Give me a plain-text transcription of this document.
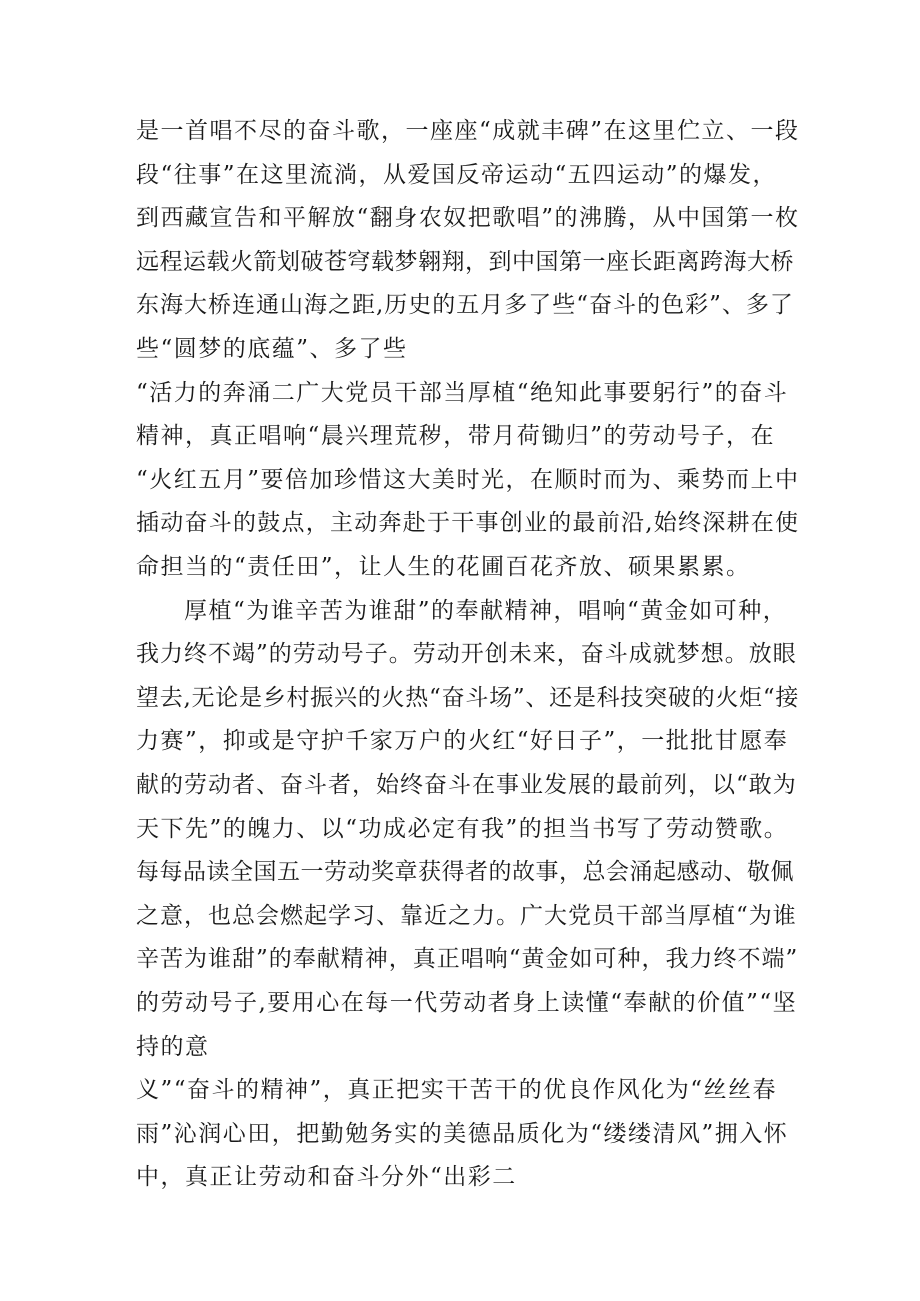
是一首唱不尽的奋斗歌，一座座“成就丰碑”在这里伫立、一段
段“往事”在这里流淌，从爱国反帝运动“五四运动”的爆发，
到西藏宣告和平解放“翻身农奴把歌唱”的沸腾，从中国第一枚
远程运载火箭划破苍穹载梦翱翔，到中国第一座长距离跨海大桥
东海大桥连通山海之距,历史的五月多了些“奋斗的色彩”、多了
些“圆梦的底蕴”、多了些
“活力的奔涌二广大党员干部当厚植“绝知此事要躬行”的奋斗
精神，真正唱响“晨兴理荒秽，带月荷锄归”的劳动号子，在
“火红五月”要倍加珍惜这大美时光，在顺时而为、乘势而上中
插动奋斗的鼓点，主动奔赴于干事创业的最前沿,始终深耕在使
命担当的“责任田”，让人生的花圃百花齐放、硕果累累。
厚植“为谁辛苦为谁甜”的奉献精神，唱响“黄金如可种，
我力终不竭”的劳动号子。劳动开创未来，奋斗成就梦想。放眼
望去,无论是乡村振兴的火热“奋斗场”、还是科技突破的火炬“接
力赛”，抑或是守护千家万户的火红“好日子”，一批批甘愿奉
献的劳动者、奋斗者，始终奋斗在事业发展的最前列，以“敢为
天下先”的魄力、以“功成必定有我”的担当书写了劳动赞歌。
每每品读全国五一劳动奖章获得者的故事，总会涌起感动、敬佩
之意，也总会燃起学习、靠近之力。广大党员干部当厚植“为谁
辛苦为谁甜”的奉献精神，真正唱响“黄金如可种，我力终不端”
的劳动号子,要用心在每一代劳动者身上读懂“奉献的价值”“坚
持的意
义”“奋斗的精神”，真正把实干苦干的优良作风化为“丝丝春
雨”沁润心田，把勤勉务实的美德品质化为“缕缕清风”拥入怀
中，真正让劳动和奋斗分外“出彩二
